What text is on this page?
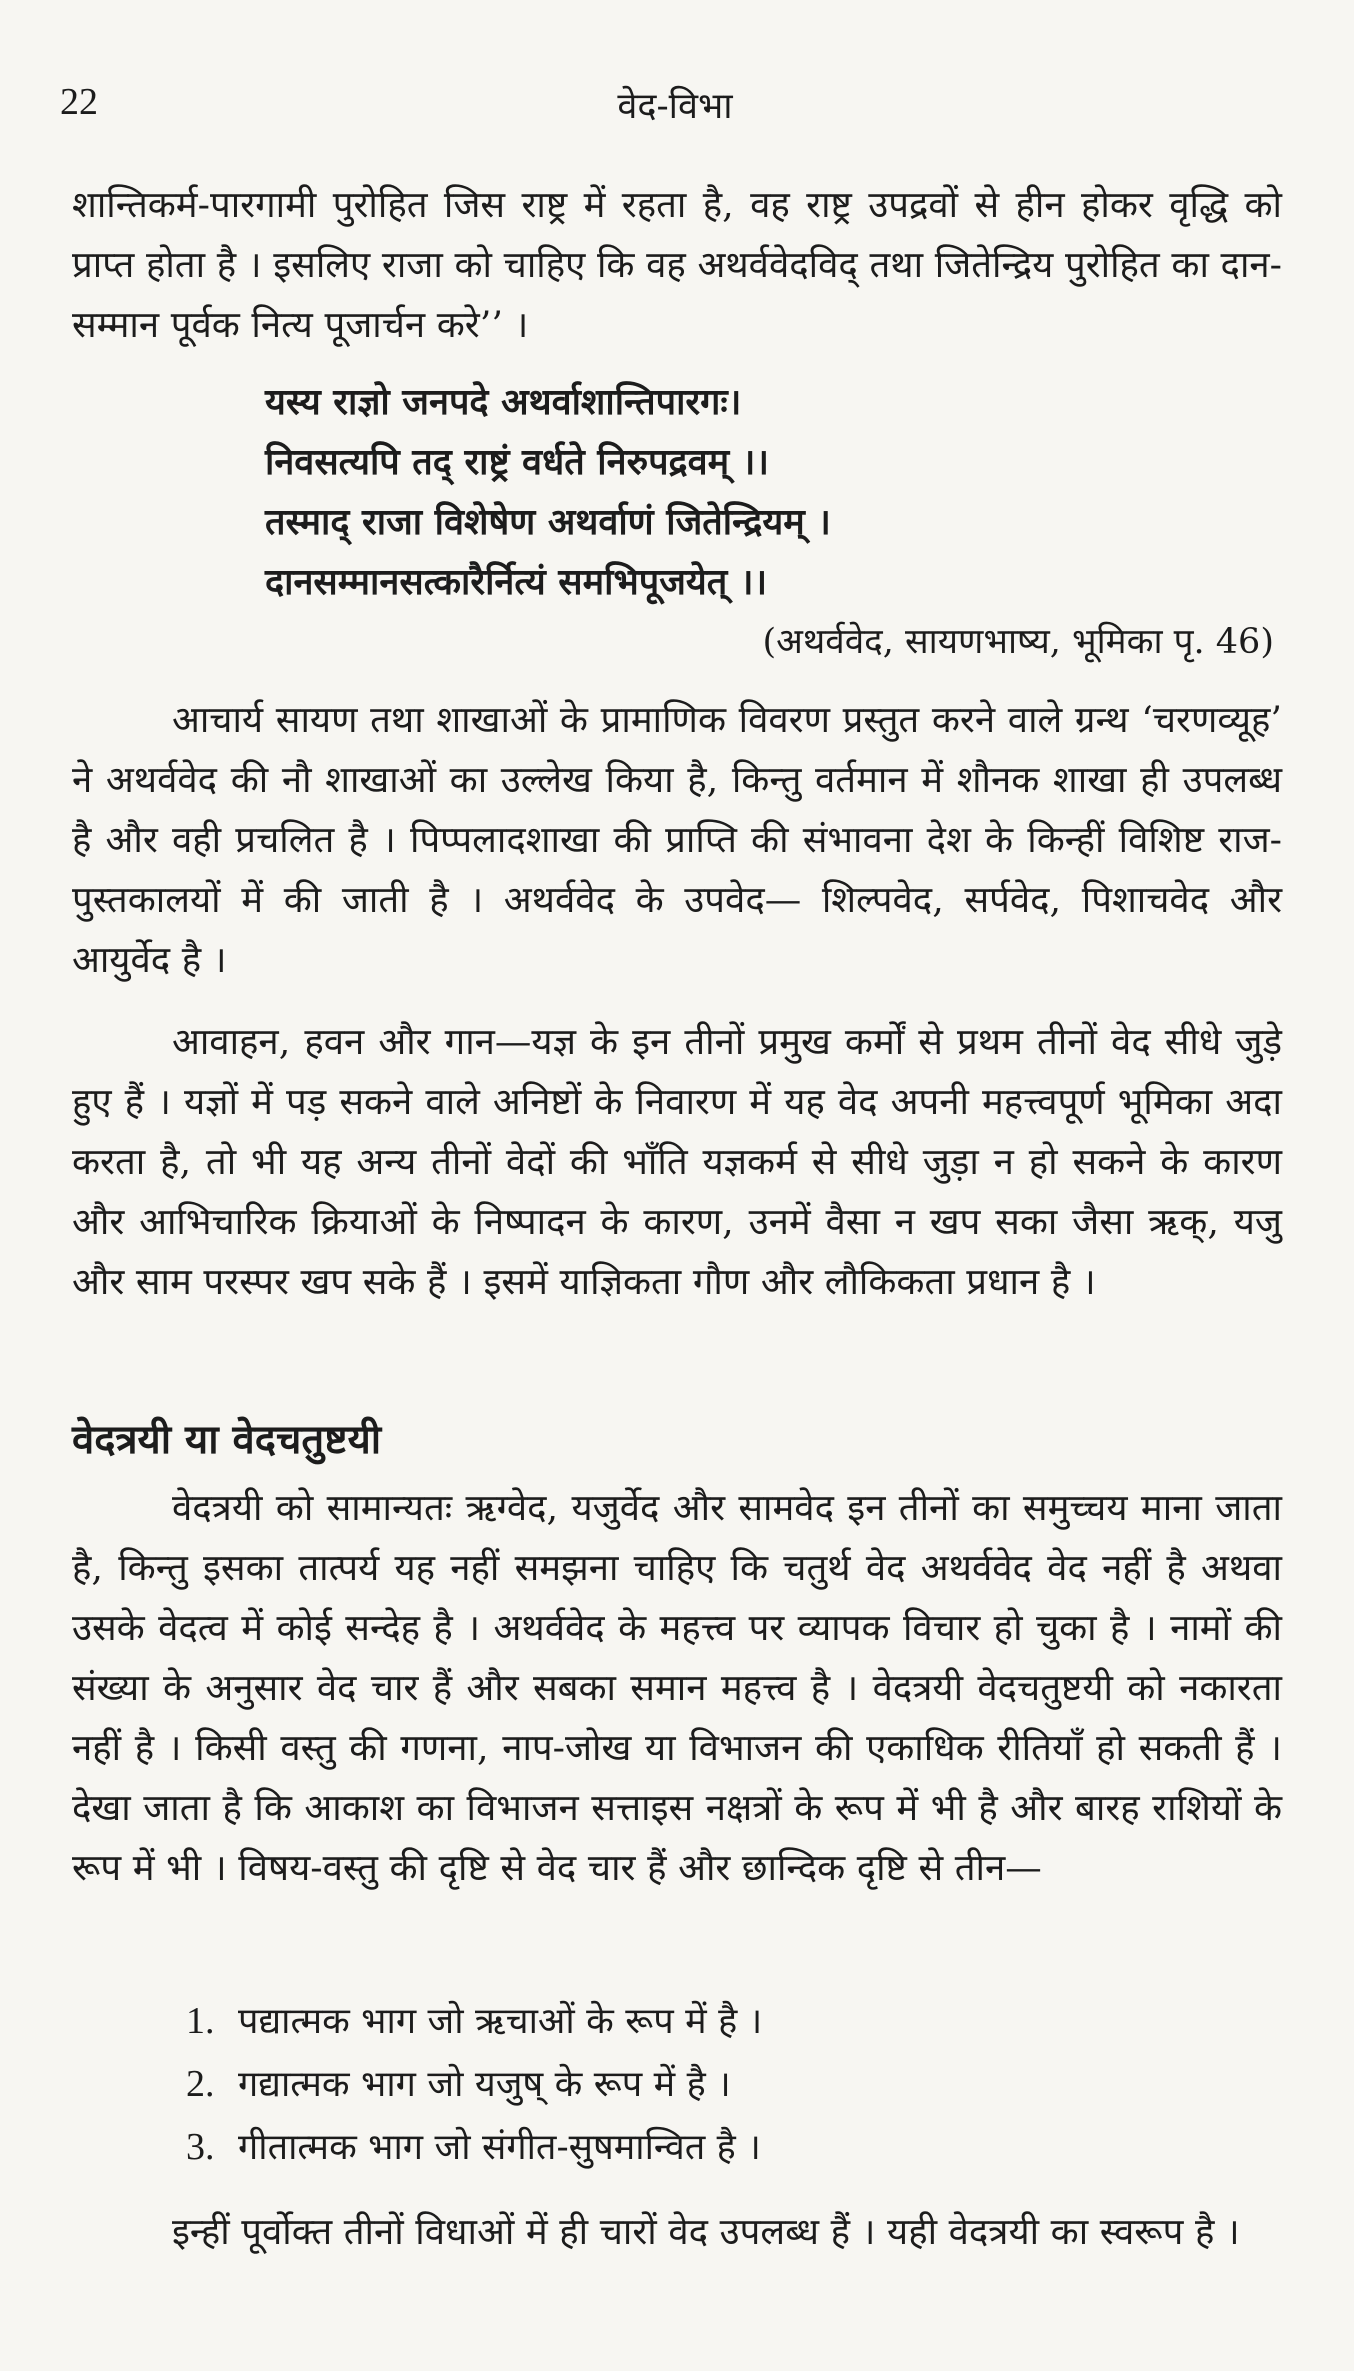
22	वेद-विभा

शान्तिकर्म-पारगामी पुरोहित जिस राष्ट्र में रहता है, वह राष्ट्र उपद्रवों से हीन होकर वृद्धि को प्राप्त होता है । इसलिए राजा को चाहिए कि वह अथर्ववेदविद् तथा जितेन्द्रिय पुरोहित का दान-सम्मान पूर्वक नित्य पूजार्चन करे’’ ।

यस्य राज्ञो जनपदे अथर्वाशान्तिपारगः।

निवसत्यपि तद् राष्ट्रं वर्धते निरुपद्रवम् ।।

तस्माद् राजा विशेषेण अथर्वाणं जितेन्द्रियम् ।

दानसम्मानसत्कारैर्नित्यं समभिपूजयेत् ।।

(अथर्ववेद, सायणभाष्य, भूमिका पृ. 46)

आचार्य सायण तथा शाखाओं के प्रामाणिक विवरण प्रस्तुत करने वाले ग्रन्थ ‘चरणव्यूह’ ने अथर्ववेद की नौ शाखाओं का उल्लेख किया है, किन्तु वर्तमान में शौनक शाखा ही उपलब्ध है और वही प्रचलित है । पिप्पलादशाखा की प्राप्ति की संभावना देश के किन्हीं विशिष्ट राज-पुस्तकालयों में की जाती है । अथर्ववेद के उपवेद— शिल्पवेद, सर्पवेद, पिशाचवेद और आयुर्वेद है ।

आवाहन, हवन और गान—यज्ञ के इन तीनों प्रमुख कर्मों से प्रथम तीनों वेद सीधे जुड़े हुए हैं । यज्ञों में पड़ सकने वाले अनिष्टों के निवारण में यह वेद अपनी महत्त्वपूर्ण भूमिका अदा करता है, तो भी यह अन्य तीनों वेदों की भाँति यज्ञकर्म से सीधे जुड़ा न हो सकने के कारण और आभिचारिक क्रियाओं के निष्पादन के कारण, उनमें वैसा न खप सका जैसा ऋक्, यजु और साम परस्पर खप सके हैं । इसमें याज्ञिकता गौण और लौकिकता प्रधान है ।

वेदत्रयी या वेदचतुष्टयी

वेदत्रयी को सामान्यतः ऋग्वेद, यजुर्वेद और सामवेद इन तीनों का समुच्चय माना जाता है, किन्तु इसका तात्पर्य यह नहीं समझना चाहिए कि चतुर्थ वेद अथर्ववेद वेद नहीं है अथवा उसके वेदत्व में कोई सन्देह है । अथर्ववेद के महत्त्व पर व्यापक विचार हो चुका है । नामों की संख्या के अनुसार वेद चार हैं और सबका समान महत्त्व है । वेदत्रयी वेदचतुष्टयी को नकारता नहीं है । किसी वस्तु की गणना, नाप-जोख या विभाजन की एकाधिक रीतियाँ हो सकती हैं । देखा जाता है कि आकाश का विभाजन सत्ताइस नक्षत्रों के रूप में भी है और बारह राशियों के रूप में भी । विषय-वस्तु की दृष्टि से वेद चार हैं और छान्दिक दृष्टि से तीन—

1. पद्यात्मक भाग जो ऋचाओं के रूप में है ।
2. गद्यात्मक भाग जो यजुष् के रूप में है ।
3. गीतात्मक भाग जो संगीत-सुषमान्वित है ।

इन्हीं पूर्वोक्त तीनों विधाओं में ही चारों वेद उपलब्ध हैं । यही वेदत्रयी का स्वरूप है ।
